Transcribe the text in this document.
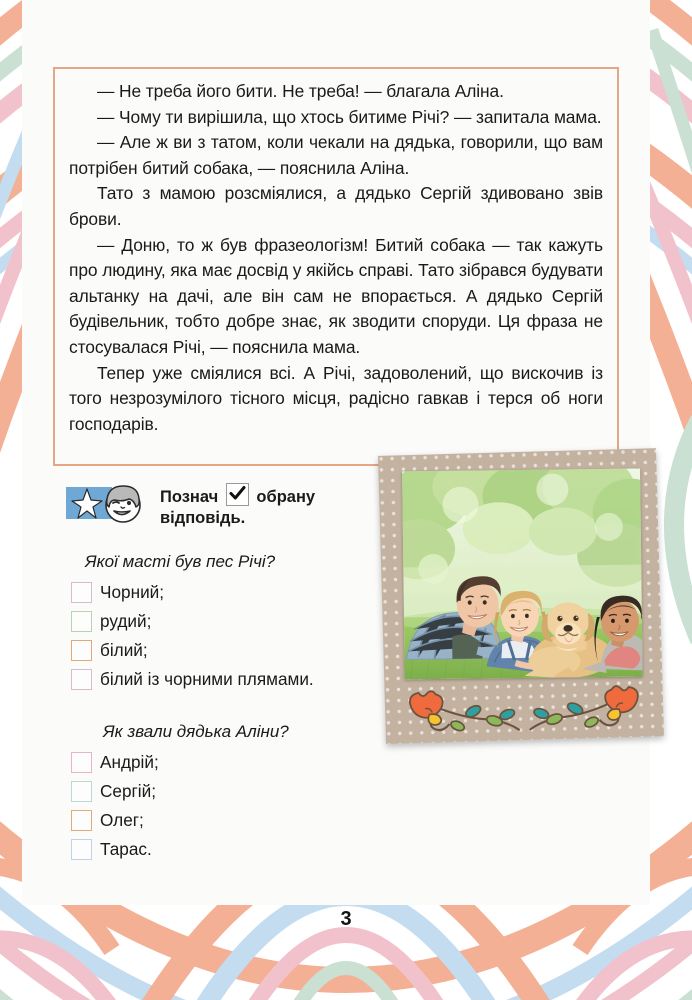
— Не треба його бити. Не треба! — благала Аліна.

— Чому ти вирішила, що хтось битиме Річі? — запитала мама.

— Але ж ви з татом, коли чекали на дядька, говорили, що вам потрібен битий собака, — пояснила Аліна.

Тато з мамою розсміялися, а дядько Сергій здивовано звів брови.

— Доню, то ж був фразеологізм! Битий собака — так кажуть про людину, яка має досвід у якійсь справі. Тато зібрався будувати альтанку на дачі, але він сам не впорається. А дядько Сергій будівельник, тобто добре знає, як зводити споруди. Ця фраза не стосувалася Річі, — пояснила мама.

Тепер уже сміялися всі. А Річі, задоволений, що вискочив із того незрозумілого тісного місця, радісно гавкав і терся об ноги господарів.

Познач обрану
відповідь.

Якої масті був пес Річі?

Чорний;
рудий;
білий;
білий із чорними плямами.

Як звали дядька Аліни?

Андрій;
Сергій;
Олег;
Тарас.
3
